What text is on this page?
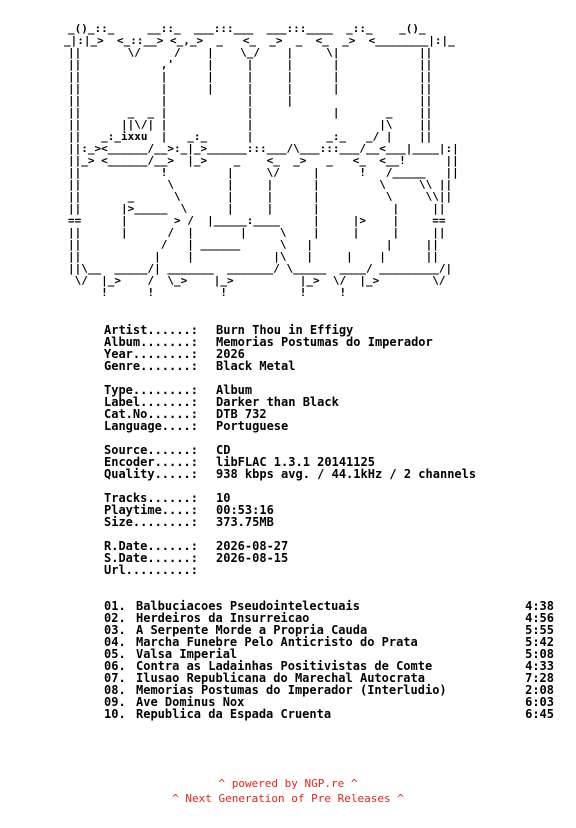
_()_::_     __::_  ___:::___  ___:::____  _::_    _()_
_|:|_>  <_::__> <_,_>  _   <_  _>  _  <_  _>  <________|:|_
||       \/     /    |    \_/    |     \|            ||
||            ,'     |     |     |      |            ||
||            |      |     |     |      |            ||
||            |      |     |     |      |            ||
||            |            |     |                   ||
||       _  _ |            |            |       _    ||
||      ||\/| |            |                   |\    ||
||   _:_ixxu  |   _:_      |           _:_   _/ |    ||
||:_><______/__>:_|_>______:::___/\___:::___/__<___|____|:|
||_> <______/__>  |_>    _    <_  _>   _   <_  <__!      ||
||            !         |     \/     |      !   /_____   ||
||             \        |     |      |         \     \\ ||
||       _      \       |     |      |          \     \\||
||      |>_____  \      |     |      |           |     ||
==      |       > /  |_____:____     |     |>    |     ==
||      |      /  |       |     \    |     |     |     ||
||            /   | ______      \   |           |     ||
||           |    |            |\   |     |    |      ||
||\__  _____/| _______  _______/ \_____  ____/ _________/|
\/  |_>    /  \_>    |_>          |_>  \/  |_>        \/
!      !          !           !     !
Artist......: Burn Thou in Effigy
Album.......: Memorias Postumas do Imperador
Year........: 2026
Genre.......: Black Metal
Type........: Album
Label.......: Darker than Black
Cat.No......: DTB 732
Language....: Portuguese
Source......: CD
Encoder.....: libFLAC 1.3.1 20141125
Quality.....: 938 kbps avg. / 44.1kHz / 2 channels
Tracks......: 10
Playtime....: 00:53:16
Size........: 373.75MB
R.Date......: 2026-08-27
S.Date......: 2026-08-15
Url.........:
01. Balbuciacoes Pseudointelectuais	4:38
02. Herdeiros da Insurreicao	4:56
03. A Serpente Morde a Propria Cauda	5:55
04. Marcha Funebre Pelo Anticristo do Prata	5:42
05. Valsa Imperial	5:08
06. Contra as Ladainhas Positivistas de Comte	4:33
07. Ilusao Republicana do Marechal Autocrata	7:28
08. Memorias Postumas do Imperador (Interludio)	2:08
09. Ave Dominus Nox	6:03
10. Republica da Espada Cruenta	6:45
^ powered by NGP.re ^
^ Next Generation of Pre Releases ^
